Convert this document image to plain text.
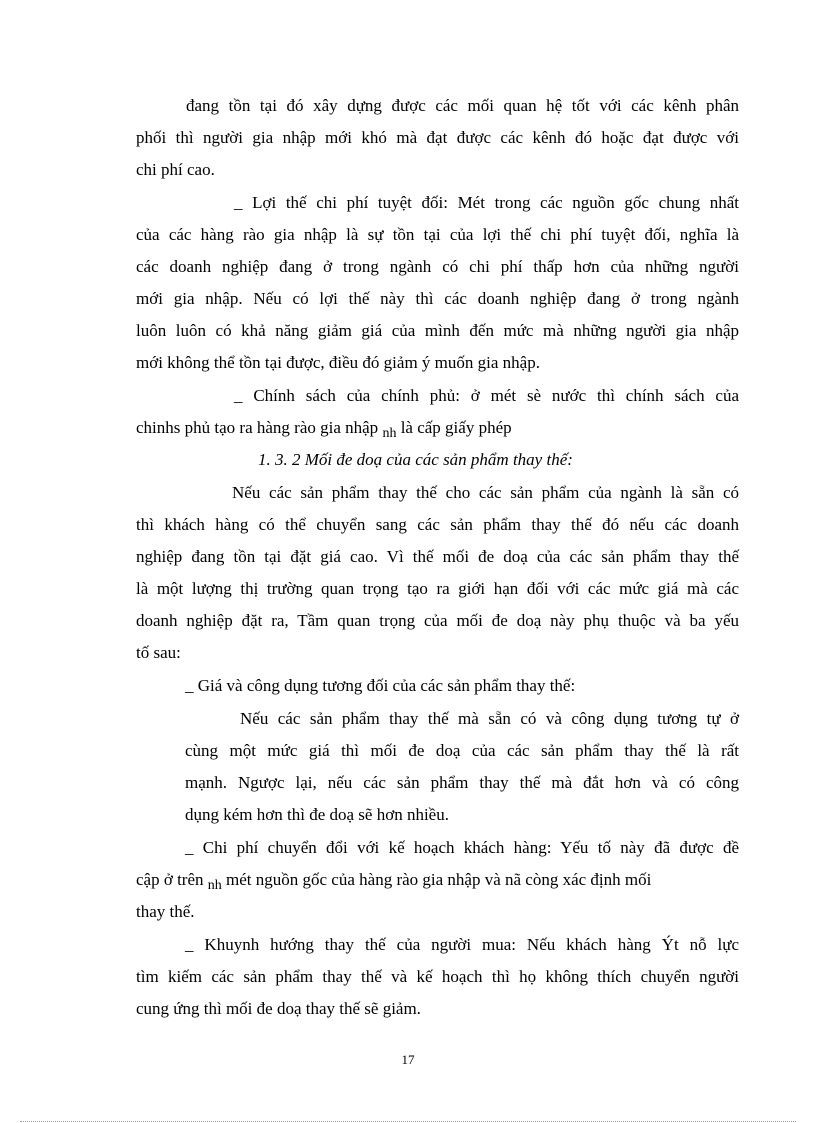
đang tồn tại đó xây dựng được các mối quan hệ tốt với các kênh phân
phối thì người gia nhập mới khó mà đạt được các kênh đó hoặc đạt được với
chi phí cao.
_ Lợi thế chi phí tuyệt đối: Mét trong các nguồn gốc chung nhất
của các hàng rào gia nhập là sự tồn tại của lợi thế chi phí tuyệt đối, nghĩa là
các doanh nghiệp đang ở trong ngành có chi phí thấp hơn của những người
mới gia nhập. Nếu có lợi thế này thì các doanh nghiệp đang ở trong ngành
luôn luôn có khả năng giảm giá của mình đến mức mà những người gia nhập
mới không thể tồn tại được, điều đó giảm ý muốn gia nhập.
_ Chính sách của chính phủ: ở mét sè nước thì chính sách của
chinhs phủ tạo ra hàng rào gia nhập $_{nh}$ là cấp giấy phép
1. 3. 2 Mối đe doạ của các sản phẩm thay thế:
Nếu các sản phẩm thay thế cho các sản phẩm của ngành là sẵn có
thì khách hàng có thể chuyển sang các sản phẩm thay thế đó nếu các doanh
nghiệp đang tồn tại đặt giá cao. Vì thế mối đe doạ của các sản phẩm thay thế
là một lượng thị trường quan trọng tạo ra giới hạn đối với các mức giá mà các
doanh nghiệp đặt ra, Tầm quan trọng của mối đe doạ này phụ thuộc và ba yếu
tố sau:
_ Giá và công dụng tương đối của các sản phẩm thay thế:
Nếu các sản phẩm thay thế mà sẵn có và công dụng tương tự ở
cùng một mức giá thì mối đe doạ của các sản phẩm thay thế là rất
mạnh. Ngược lại, nếu các sản phẩm thay thế mà đắt hơn và có công
dụng kém hơn thì đe doạ sẽ hơn nhiều.
_ Chi phí chuyển đổi với kế hoạch khách hàng: Yếu tố này đã được đề
cập ở trên $_{nh}$ mét nguồn gốc của hàng rào gia nhập và nã còng xác định mối
thay thế.
_ Khuynh hướng thay thế của người mua: Nếu khách hàng Ýt nỗ lực
tìm kiếm các sản phẩm thay thế và kế hoạch thì họ không thích chuyển người
cung ứng thì mối đe doạ thay thế sẽ giảm.
17
